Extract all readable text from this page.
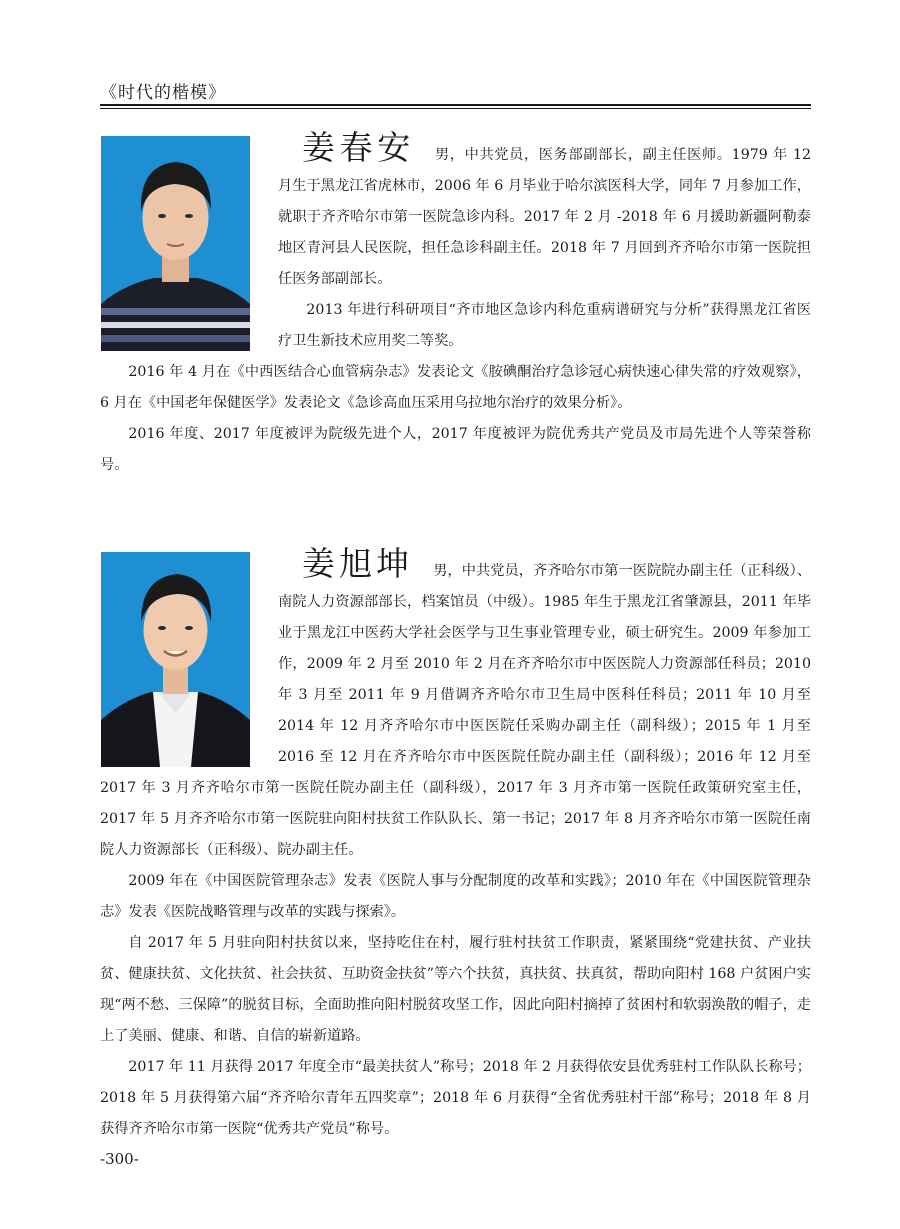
《时代的楷模》

姜春安 男，中共党员，医务部副部长，副主任医师。1979 年 12 月生于黑龙江省虎林市，2006 年 6 月毕业于哈尔滨医科大学，同年 7 月参加工作，就职于齐齐哈尔市第一医院急诊内科。2017 年 2 月 -2018 年 6 月援助新疆阿勒泰地区青河县人民医院，担任急诊科副主任。2018 年 7 月回到齐齐哈尔市第一医院担任医务部副部长。

2013 年进行科研项目“齐市地区急诊内科危重病谱研究与分析”获得黑龙江省医疗卫生新技术应用奖二等奖。

2016 年 4 月在《中西医结合心血管病杂志》发表论文《胺碘酮治疗急诊冠心病快速心律失常的疗效观察》，6 月在《中国老年保健医学》发表论文《急诊高血压采用乌拉地尔治疗的效果分析》。

2016 年度、2017 年度被评为院级先进个人，2017 年度被评为院优秀共产党员及市局先进个人等荣誉称号。

姜旭坤 男，中共党员，齐齐哈尔市第一医院院办副主任（正科级）、南院人力资源部部长，档案馆员（中级）。1985 年生于黑龙江省肇源县，2011 年毕业于黑龙江中医药大学社会医学与卫生事业管理专业，硕士研究生。2009 年参加工作，2009 年 2 月至 2010 年 2 月在齐齐哈尔市中医医院人力资源部任科员；2010 年 3 月至 2011 年 9 月借调齐齐哈尔市卫生局中医科任科员；2011 年 10 月至 2014 年 12 月齐齐哈尔市中医医院任采购办副主任（副科级）；2015 年 1 月至 2016 至 12 月在齐齐哈尔市中医医院任院办副主任（副科级）；2016 年 12 月至 2017 年 3 月齐齐哈尔市第一医院任院办副主任（副科级），2017 年 3 月齐市第一医院任政策研究室主任，2017 年 5 月齐齐哈尔市第一医院驻向阳村扶贫工作队队长、第一书记；2017 年 8 月齐齐哈尔市第一医院任南院人力资源部长（正科级）、院办副主任。

2009 年在《中国医院管理杂志》发表《医院人事与分配制度的改革和实践》；2010 年在《中国医院管理杂志》发表《医院战略管理与改革的实践与探索》。

自 2017 年 5 月驻向阳村扶贫以来，坚持吃住在村，履行驻村扶贫工作职责，紧紧围绕“党建扶贫、产业扶贫、健康扶贫、文化扶贫、社会扶贫、互助资金扶贫”等六个扶贫，真扶贫、扶真贫，帮助向阳村 168 户贫困户实现“两不愁、三保障”的脱贫目标，全面助推向阳村脱贫攻坚工作，因此向阳村摘掉了贫困村和软弱涣散的帽子，走上了美丽、健康、和谐、自信的崭新道路。

2017 年 11 月获得 2017 年度全市“最美扶贫人”称号；2018 年 2 月获得依安县优秀驻村工作队队长称号；2018 年 5 月获得第六届“齐齐哈尔青年五四奖章”；2018 年 6 月获得“全省优秀驻村干部”称号；2018 年 8 月获得齐齐哈尔市第一医院“优秀共产党员”称号。

-300-
